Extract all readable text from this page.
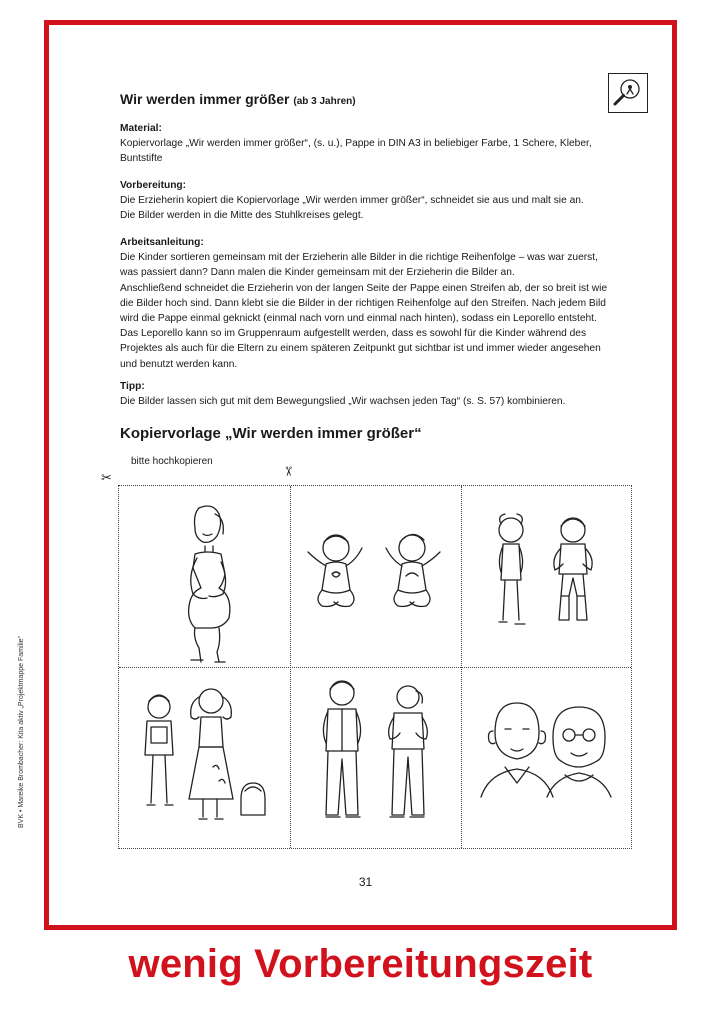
Wir werden immer größer (ab 3 Jahren)
Material:
Kopiervorlage „Wir werden immer größer“, (s. u.), Pappe in DIN A3 in beliebiger Farbe, 1 Schere, Kleber,
Buntstifte
Vorbereitung:
Die Erzieherin kopiert die Kopiervorlage „Wir werden immer größer“, schneidet sie aus und malt sie an.
Die Bilder werden in die Mitte des Stuhlkreises gelegt.
Arbeitsanleitung:
Die Kinder sortieren gemeinsam mit der Erzieherin alle Bilder in die richtige Reihenfolge – was war zuerst,
was passiert dann? Dann malen die Kinder gemeinsam mit der Erzieherin die Bilder an.
Anschließend schneidet die Erzieherin von der langen Seite der Pappe einen Streifen ab, der so breit ist wie
die Bilder hoch sind. Dann klebt sie die Bilder in der richtigen Reihenfolge auf den Streifen. Nach jedem Bild
wird die Pappe einmal geknickt (einmal nach vorn und einmal nach hinten), sodass ein Leporello entsteht.
Das Leporello kann so im Gruppenraum aufgestellt werden, dass es sowohl für die Kinder während des
Projektes als auch für die Eltern zu einem späteren Zeitpunkt gut sichtbar ist und immer wieder angesehen
und benutzt werden kann.
Tipp:
Die Bilder lassen sich gut mit dem Bewegungslied „Wir wachsen jeden Tag“ (s. S. 57) kombinieren.
Kopiervorlage „Wir werden immer größer“
bitte hochkopieren
✂	✂
31
BVK • Mareike Brombacher: Kita aktiv „Projektmappe Familie“
wenig Vorbereitungszeit
